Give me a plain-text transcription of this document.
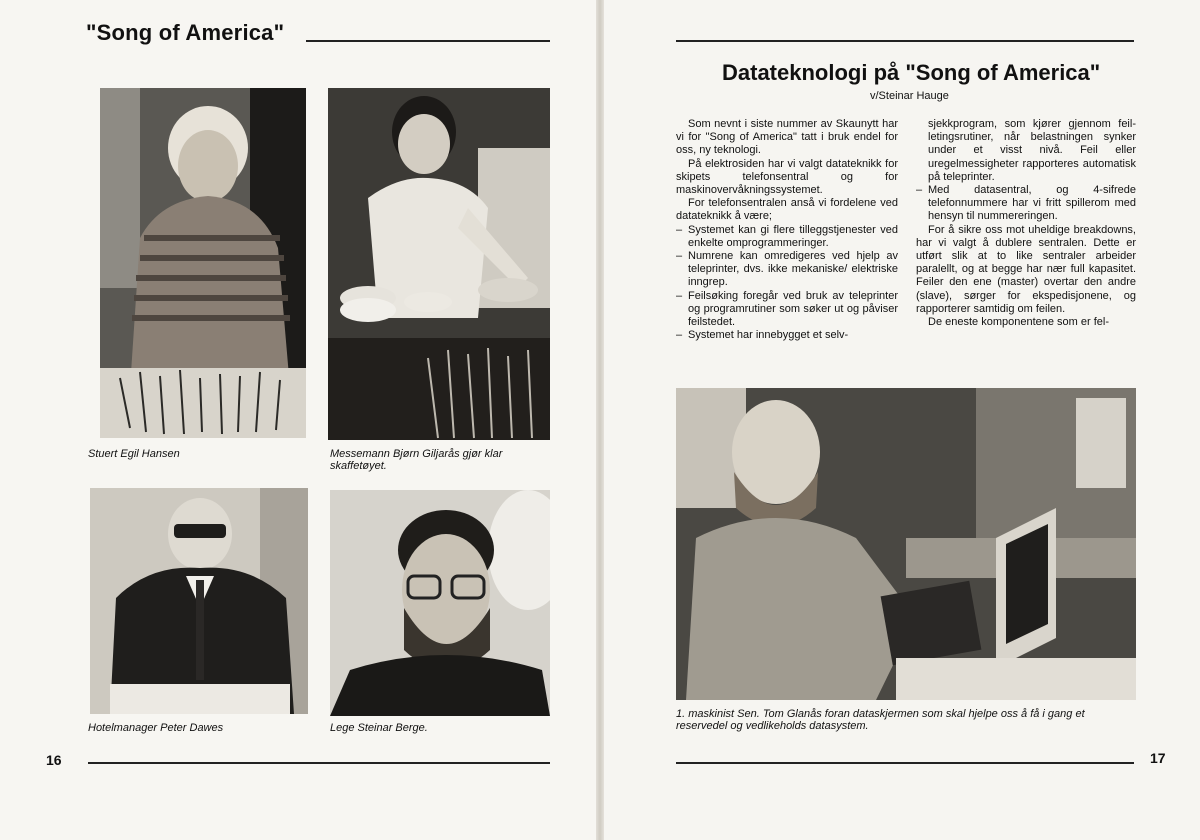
"Song of America"
Stuert Egil Hansen	Messemann Bjørn Giljarås gjør klar
skaffetøyet.
Hotelmanager Peter Dawes	Lege Steinar Berge.
16
Datateknologi på "Song of America"
v/Steinar Hauge

Som nevnt i siste nummer av Skaunytt har vi for "Song of America" tatt i bruk endel for oss, ny teknologi.

På elektrosiden har vi valgt datateknikk for skipets telefonsentral og for maskinovervåkningssystemet.

For telefonsentralen anså vi fordelene ved datateknikk å være;

– Systemet kan gi flere tilleggstjenester ved enkelte omprogrammeringer.
– Numrene kan omredigeres ved hjelp av teleprinter, dvs. ikke mekaniske/ elektriske inngrep.
– Feilsøking foregår ved bruk av teleprinter og programrutiner som søker ut og påviser feilstedet.
– Systemet har innebygget et selv-
sjekkprogram, som kjører gjennom feil-letingsrutiner, når belastningen synker under et visst nivå. Feil eller uregelmessigheter rapporteres automatisk på teleprinter.
– Med datasentral, og 4-sifrede telefonnummere har vi fritt spillerom med hensyn til nummereringen.

For å sikre oss mot uheldige breakdowns, har vi valgt å dublere sentralen. Dette er utført slik at to like sentraler arbeider paralellt, og at begge har nær full kapasitet. Feiler den ene (master) overtar den andre (slave), sørger for ekspedisjonene, og rapporterer samtidig om feilen.

De eneste komponentene som er fel-

1. maskinist Sen. Tom Glanås foran dataskjermen som skal hjelpe oss å få i gang et
reservedel og vedlikeholds datasystem.
17
